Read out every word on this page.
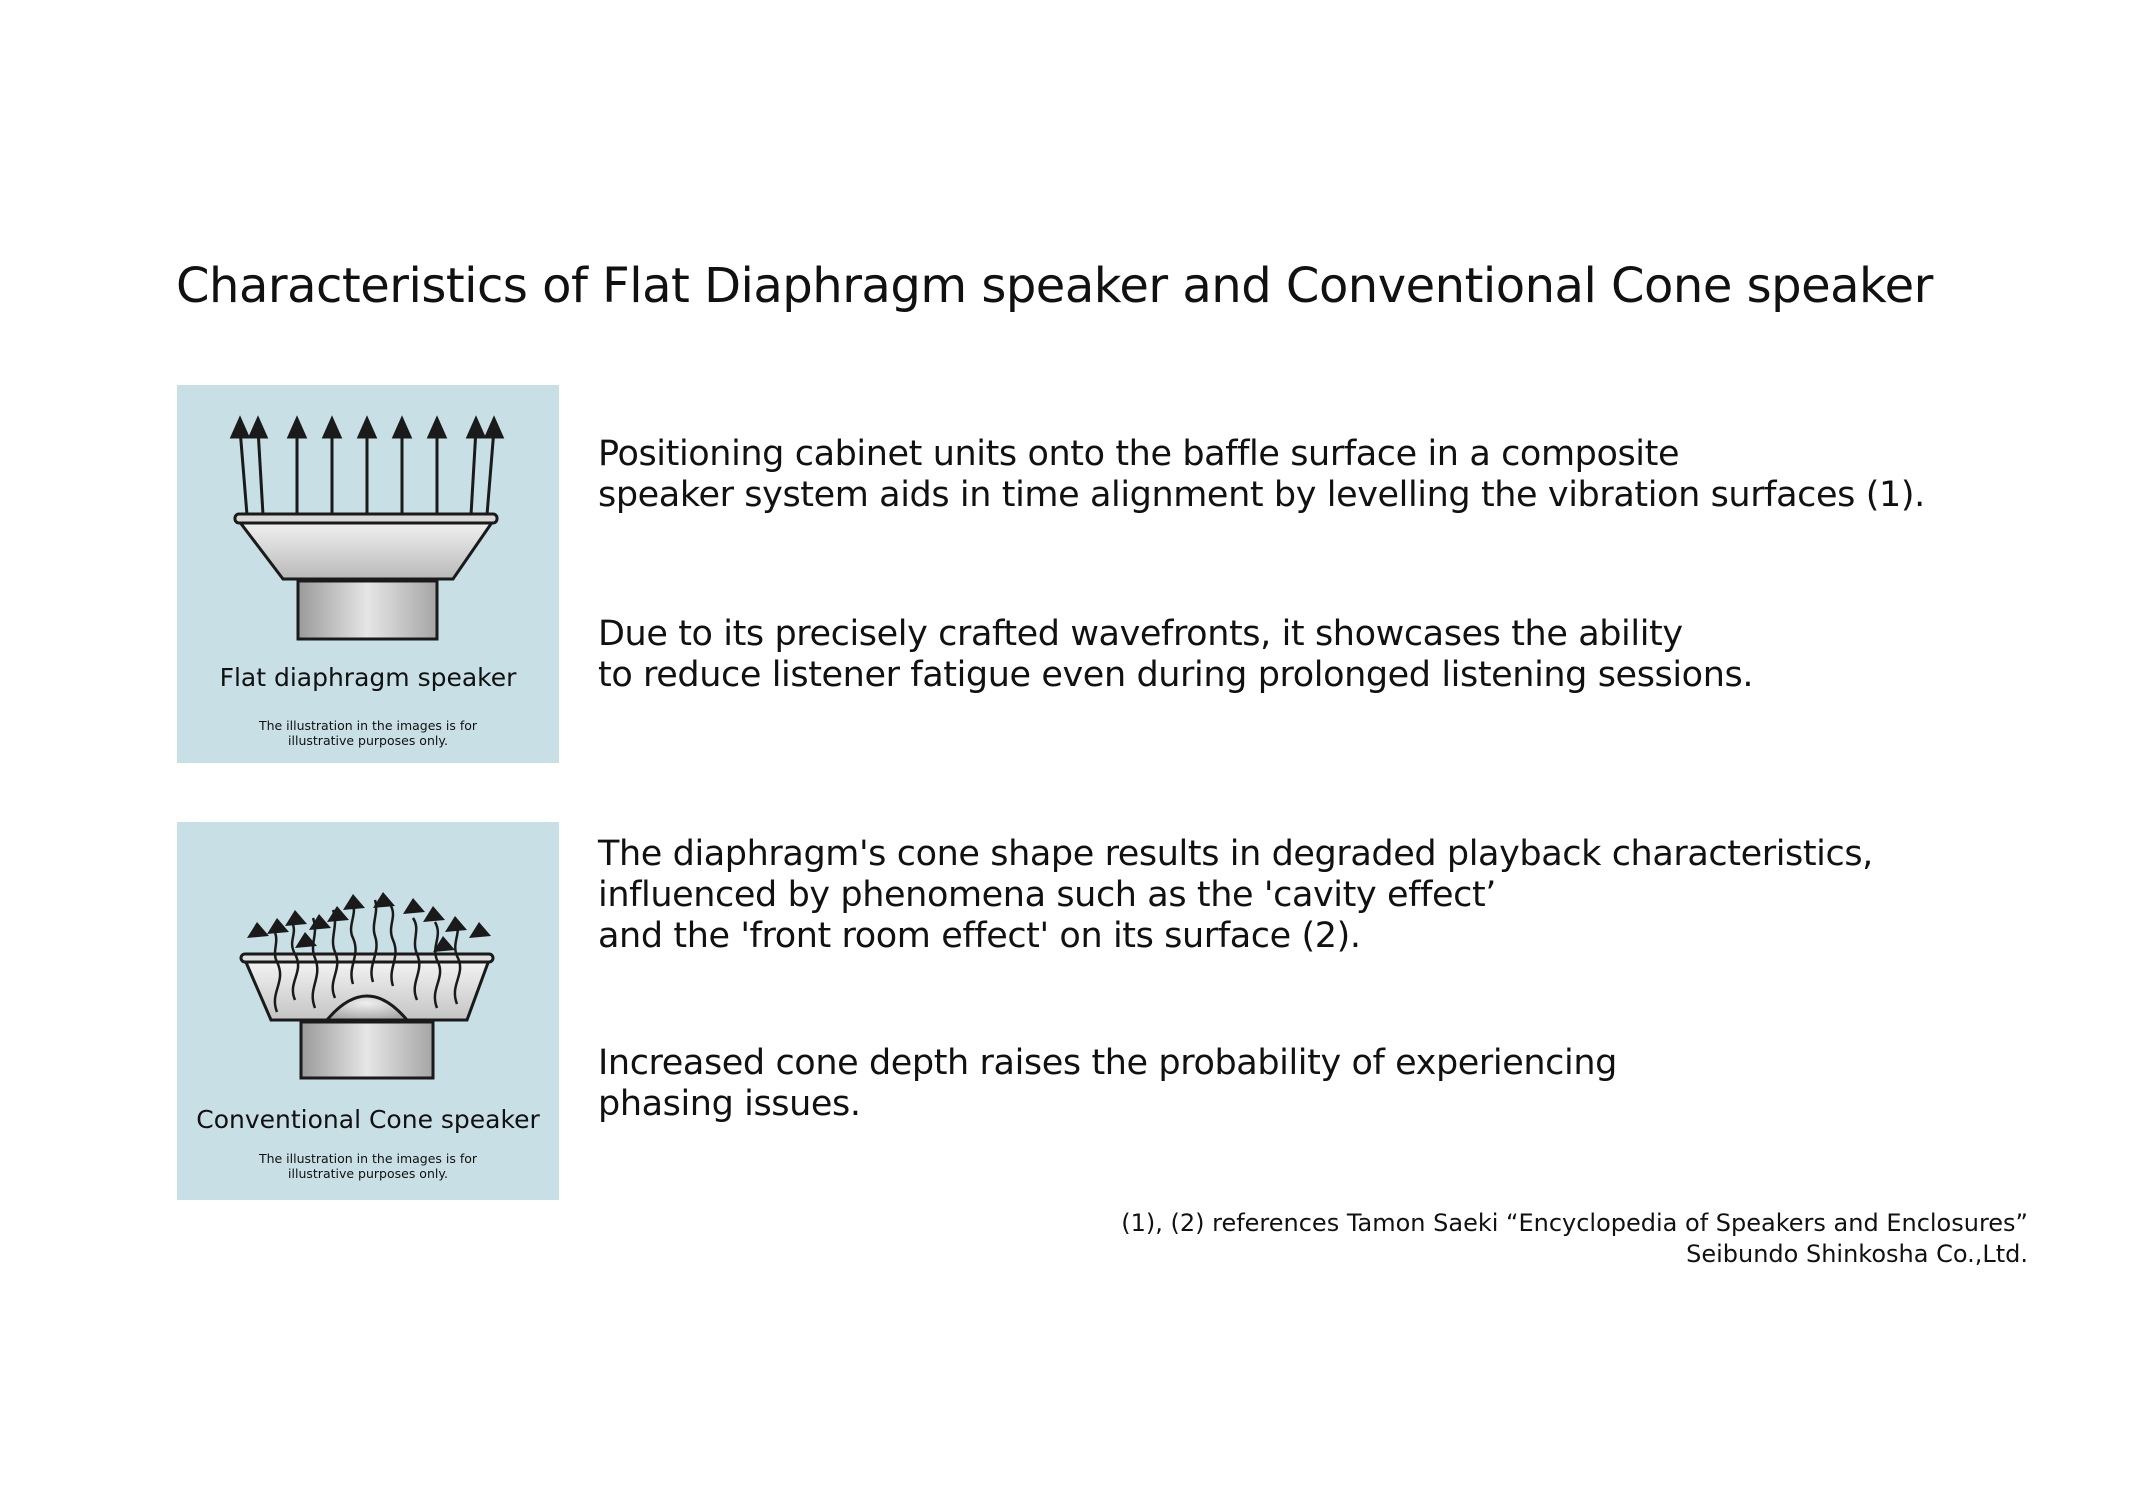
Characteristics of Flat Diaphragm speaker and Conventional Cone speaker
Flat diaphragm speaker
The illustration in the images is for
illustrative purposes only.
Conventional Cone speaker
The illustration in the images is for
illustrative purposes only.
Positioning cabinet units onto the baffle surface in a composite
speaker system aids in time alignment by levelling the vibration surfaces (1).
Due to its precisely crafted wavefronts, it showcases the ability
to reduce listener fatigue even during prolonged listening sessions.
The diaphragm's cone shape results in degraded playback characteristics,
influenced by phenomena such as the 'cavity effect’
and the 'front room effect' on its surface (2).
Increased cone depth raises the probability of experiencing
phasing issues.
(1), (2) references Tamon Saeki “Encyclopedia of Speakers and Enclosures”
Seibundo Shinkosha Co.,Ltd.
